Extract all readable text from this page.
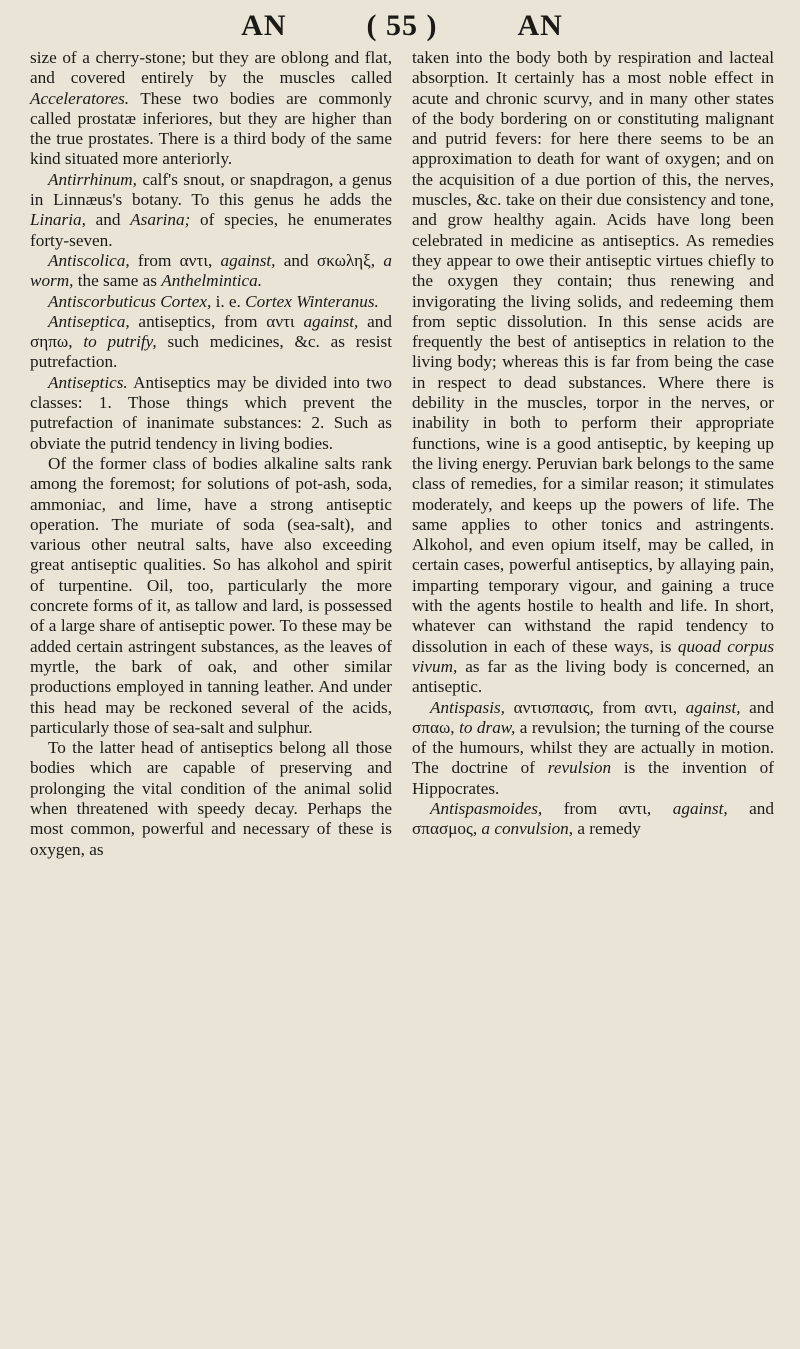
AN	( 55 )	AN

size of a cherry-stone; but they are oblong and flat, and covered entirely by the muscles called Acceleratores. These two bodies are commonly called prostatæ inferiores, but they are higher than the true prostates. There is a third body of the same kind situated more anteriorly.

Antirrhinum, calf's snout, or snapdragon, a genus in Linnæus's botany. To this genus he adds the Linaria, and Asarina; of species, he enumerates forty-seven.

Antiscolica, from αντι, against, and σκωληξ, a worm, the same as Anthelmintica.

Antiscorbuticus Cortex, i. e. Cortex Winteranus.

Antiseptica, antiseptics, from αντι against, and σηπω, to putrify, such medicines, &c. as resist putrefaction.

Antiseptics. Antiseptics may be divided into two classes: 1. Those things which prevent the putrefaction of inanimate substances: 2. Such as obviate the putrid tendency in living bodies.

Of the former class of bodies alkaline salts rank among the foremost; for solutions of pot-ash, soda, ammoniac, and lime, have a strong antiseptic operation. The muriate of soda (sea-salt), and various other neutral salts, have also exceeding great antiseptic qualities. So has alkohol and spirit of turpentine. Oil, too, particularly the more concrete forms of it, as tallow and lard, is possessed of a large share of antiseptic power. To these may be added certain astringent substances, as the leaves of myrtle, the bark of oak, and other similar productions employed in tanning leather. And under this head may be reckoned several of the acids, particularly those of sea-salt and sulphur.

To the latter head of antiseptics belong all those bodies which are capable of preserving and prolonging the vital condition of the animal solid when threatened with speedy decay. Perhaps the most common, powerful and necessary of these is oxygen, as

taken into the body both by respiration and lacteal absorption. It certainly has a most noble effect in acute and chronic scurvy, and in many other states of the body bordering on or constituting malignant and putrid fevers: for here there seems to be an approximation to death for want of oxygen; and on the acquisition of a due portion of this, the nerves, muscles, &c. take on their due consistency and tone, and grow healthy again. Acids have long been celebrated in medicine as antiseptics. As remedies they appear to owe their antiseptic virtues chiefly to the oxygen they contain; thus renewing and invigorating the living solids, and redeeming them from septic dissolution. In this sense acids are frequently the best of antiseptics in relation to the living body; whereas this is far from being the case in respect to dead substances. Where there is debility in the muscles, torpor in the nerves, or inability in both to perform their appropriate functions, wine is a good antiseptic, by keeping up the living energy. Peruvian bark belongs to the same class of remedies, for a similar reason; it stimulates moderately, and keeps up the powers of life. The same applies to other tonics and astringents. Alkohol, and even opium itself, may be called, in certain cases, powerful antiseptics, by allaying pain, imparting temporary vigour, and gaining a truce with the agents hostile to health and life. In short, whatever can withstand the rapid tendency to dissolution in each of these ways, is quoad corpus vivum, as far as the living body is concerned, an antiseptic.

Antispasis, αντισπασις, from αντι, against, and σπαω, to draw, a revulsion; the turning of the course of the humours, whilst they are actually in motion. The doctrine of revulsion is the invention of Hippocrates.

Antispasmoides, from αντι, against, and σπασμος, a convulsion, a remedy
